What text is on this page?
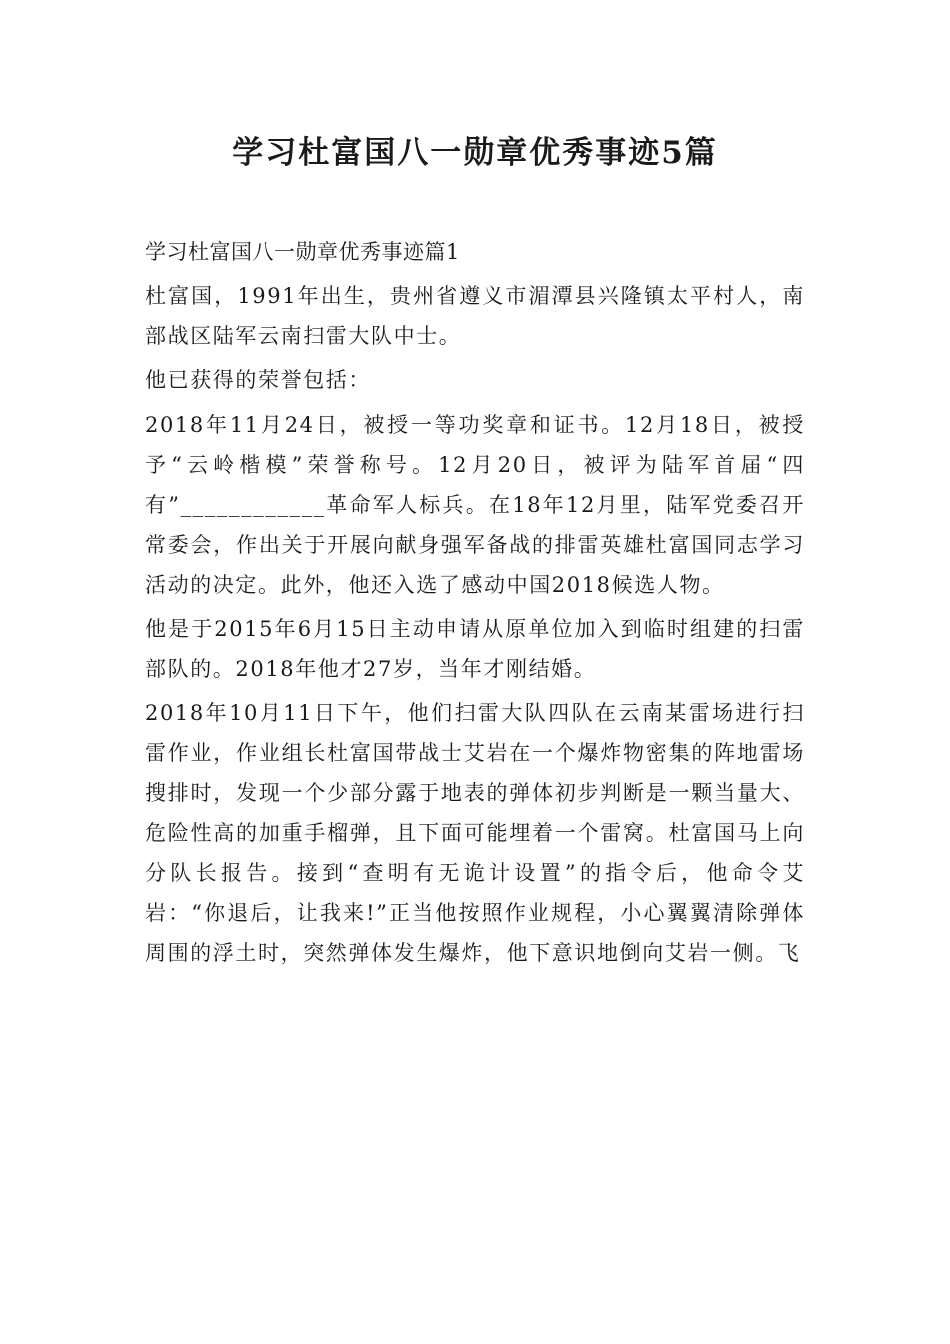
学习杜富国八一勋章优秀事迹5篇

学习杜富国八一勋章优秀事迹篇1

杜富国，1991年出生，贵州省遵义市湄潭县兴隆镇太平村人，南部战区陆军云南扫雷大队中士。

他已获得的荣誉包括：

2018年11月24日，被授一等功奖章和证书。12月18日，被授予“云岭楷模”荣誉称号。12月20日，被评为陆军首届“四有”____________革命军人标兵。在18年12月里，陆军党委召开常委会，作出关于开展向献身强军备战的排雷英雄杜富国同志学习活动的决定。此外，他还入选了感动中国2018候选人物。

他是于2015年6月15日主动申请从原单位加入到临时组建的扫雷部队的。2018年他才27岁，当年才刚结婚。

2018年10月11日下午，他们扫雷大队四队在云南某雷场进行扫雷作业，作业组长杜富国带战士艾岩在一个爆炸物密集的阵地雷场搜排时，发现一个少部分露于地表的弹体初步判断是一颗当量大、危险性高的加重手榴弹，且下面可能埋着一个雷窝。杜富国马上向分队长报告。接到“查明有无诡计设置”的指令后，他命令艾岩：“你退后，让我来!”正当他按照作业规程，小心翼翼清除弹体周围的浮土时，突然弹体发生爆炸，他下意识地倒向艾岩一侧。飞
